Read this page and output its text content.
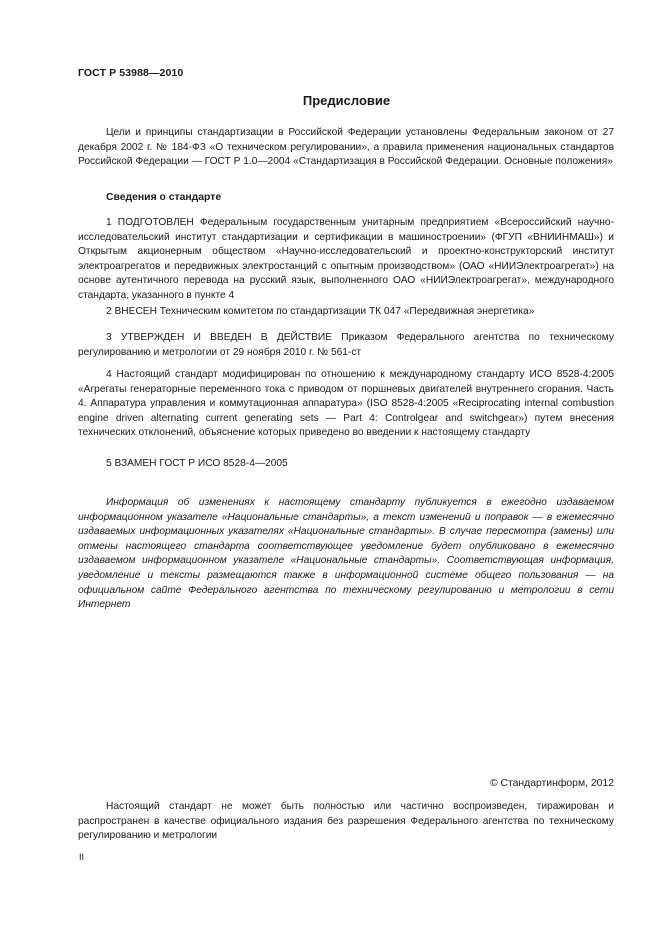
ГОСТ Р 53988—2010
Предисловие

Цели и принципы стандартизации в Российской Федерации установлены Федеральным законом от 27 декабря 2002 г. № 184-ФЗ «О техническом регулировании», а правила применения национальных стандартов Российской Федерации — ГОСТ Р 1.0—2004 «Стандартизация в Российской Федерации. Основные положения»

Сведения о стандарте

1 ПОДГОТОВЛЕН Федеральным государственным унитарным предприятием «Всероссийский научно-исследовательский институт стандартизации и сертификации в машиностроении» (ФГУП «ВНИИНМАШ») и Открытым акционерным обществом «Научно-исследовательский и проектно-конструкторский институт электроагрегатов и передвижных электростанций с опытным производством» (ОАО «НИИЭлектроагрегат») на основе аутентичного перевода на русский язык, выполненного ОАО «НИИЭлектроагрегат», международного стандарта, указанного в пункте 4

2 ВНЕСЕН Техническим комитетом по стандартизации ТК 047 «Передвижная энергетика»

3 УТВЕРЖДЕН И ВВЕДЕН В ДЕЙСТВИЕ Приказом Федерального агентства по техническому регулированию и метрологии от 29 ноября 2010 г. № 561-ст

4 Настоящий стандарт модифицирован по отношению к международному стандарту ИСО 8528-4:2005 «Агрегаты генераторные переменного тока с приводом от поршневых двигателей внутреннего сгорания. Часть 4. Аппаратура управления и коммутационная аппаратура» (ISO 8528-4:2005 «Reciprocating internal combustion engine driven alternating current generating sets — Part 4: Controlgear and switchgear») путем внесения технических отклонений, объяснение которых приведено во введении к настоящему стандарту

5 ВЗАМЕН ГОСТ Р ИСО 8528-4—2005

Информация об изменениях к настоящему стандарту публикуется в ежегодно издаваемом информационном указателе «Национальные стандарты», а текст изменений и поправок — в ежемесячно издаваемых информационных указателях «Национальные стандарты». В случае пересмотра (замены) или отмены настоящего стандарта соответствующее уведомление будет опубликовано в ежемесячно издаваемом информационном указателе «Национальные стандарты». Соответствующая информация, уведомление и тексты размещаются также в информационной системе общего пользования — на официальном сайте Федерального агентства по техническому регулированию и метрологии в сети Интернет

© Стандартинформ, 2012

Настоящий стандарт не может быть полностью или частично воспроизведен, тиражирован и распространен в качестве официального издания без разрешения Федерального агентства по техническому регулированию и метрологии

II
